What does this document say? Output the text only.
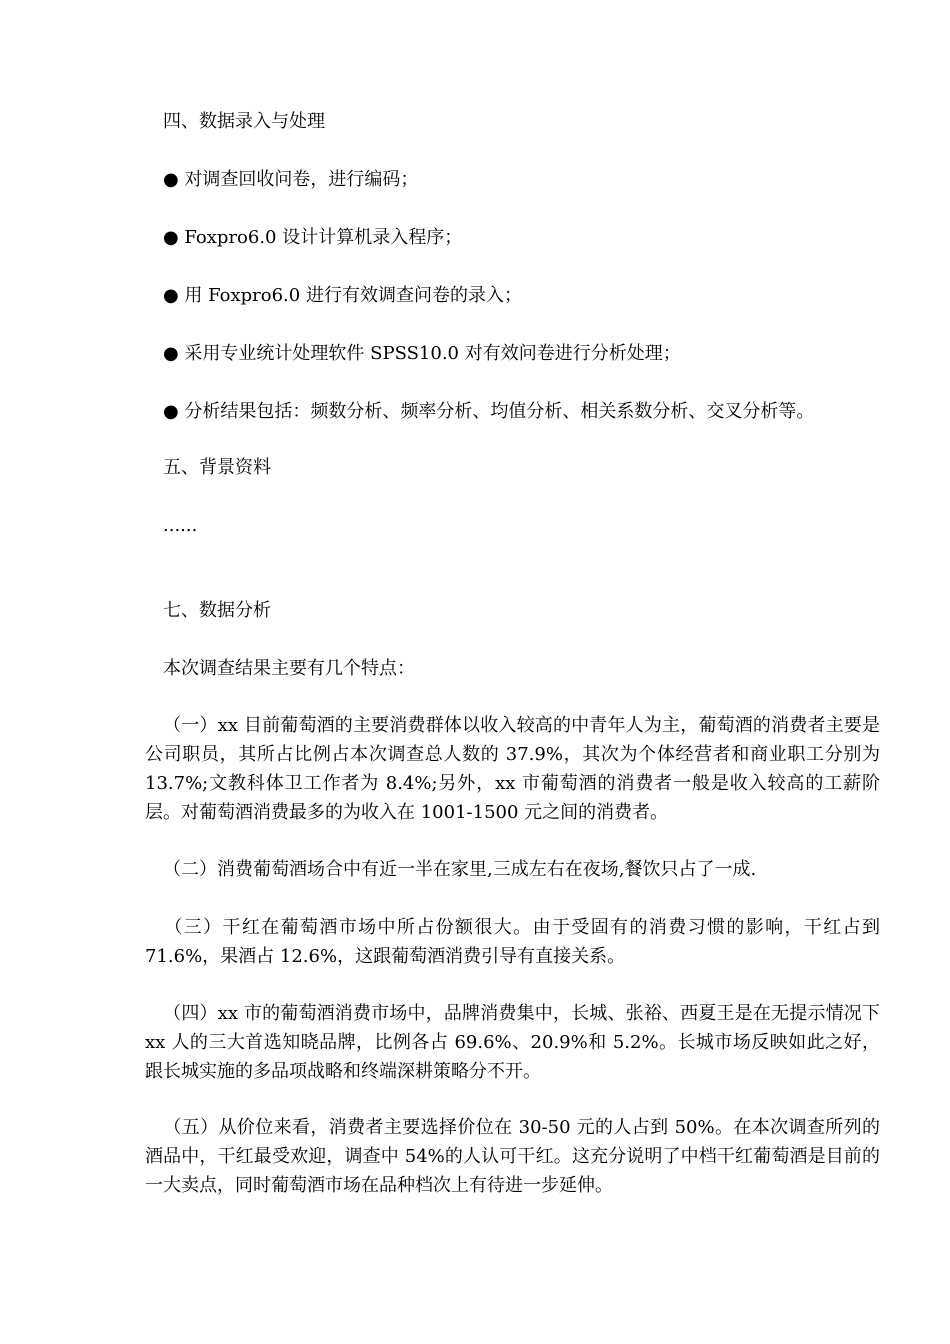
四、数据录入与处理

● 对调查回收问卷，进行编码；

● Foxpro6.0 设计计算机录入程序；

● 用 Foxpro6.0 进行有效调查问卷的录入；

● 采用专业统计处理软件 SPSS10.0 对有效问卷进行分析处理；

● 分析结果包括：频数分析、频率分析、均值分析、相关系数分析、交叉分析等。

五、背景资料

......

七、数据分析

本次调查结果主要有几个特点：

（一）xx 目前葡萄酒的主要消费群体以收入较高的中青年人为主，葡萄酒的消费者主要是公司职员，其所占比例占本次调查总人数的 37.9%，其次为个体经营者和商业职工分别为 13.7%;文教科体卫工作者为 8.4%;另外，xx 市葡萄酒的消费者一般是收入较高的工薪阶层。对葡萄酒消费最多的为收入在 1001-1500 元之间的消费者。

（二）消费葡萄酒场合中有近一半在家里,三成左右在夜场,餐饮只占了一成.

（三）干红在葡萄酒市场中所占份额很大。由于受固有的消费习惯的影响，干红占到 71.6%，果酒占 12.6%，这跟葡萄酒消费引导有直接关系。

（四）xx 市的葡萄酒消费市场中，品牌消费集中，长城、张裕、西夏王是在无提示情况下 xx 人的三大首选知晓品牌，比例各占 69.6%、20.9%和 5.2%。长城市场反映如此之好，跟长城实施的多品项战略和终端深耕策略分不开。

（五）从价位来看，消费者主要选择价位在 30-50 元的人占到 50%。在本次调查所列的酒品中，干红最受欢迎，调查中 54%的人认可干红。这充分说明了中档干红葡萄酒是目前的一大卖点，同时葡萄酒市场在品种档次上有待进一步延伸。
